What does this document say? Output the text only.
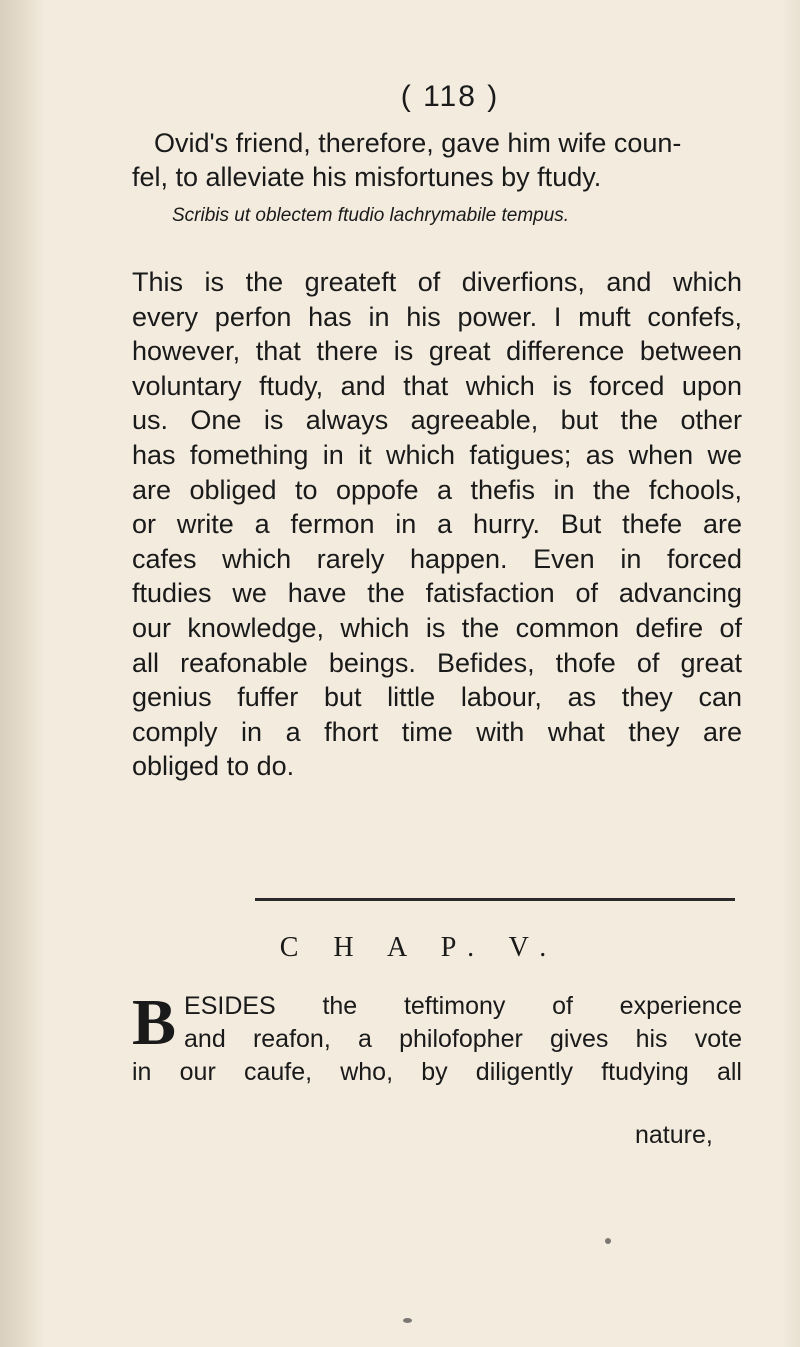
( 118 )

Ovid's friend, therefore, gave him wife coun-

fel, to alleviate his misfortunes by ftudy.

Scribis ut oblectem ftudio lachrymabile tempus.

This is the greateft of diverfions, and which

every perfon has in his power. I muft confefs,

however, that there is great difference between

voluntary ftudy, and that which is forced upon

us. One is always agreeable, but the other

has fomething in it which fatigues; as when we

are obliged to oppofe a thefis in the fchools,

or write a fermon in a hurry. But thefe are

cafes which rarely happen. Even in forced

ftudies we have the fatisfaction of advancing

our knowledge, which is the common defire of

all reafonable beings. Befides, thofe of great

genius fuffer but little labour, as they can

comply in a fhort time with what they are

obliged to do.

C H A P. V.
B ESIDES the teftimony of experience

and reafon, a philofopher gives his vote

in our caufe, who, by diligently ftudying all

nature,
